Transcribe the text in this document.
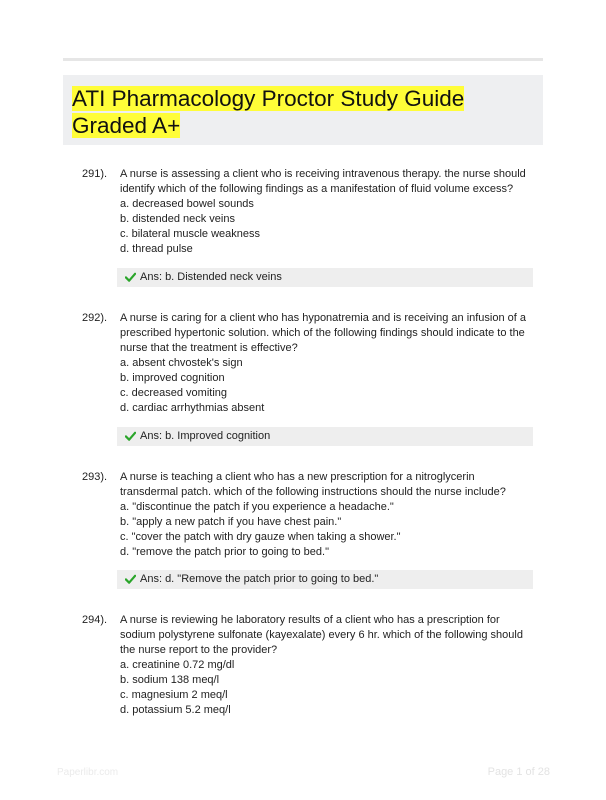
ATI Pharmacology Proctor Study Guide Graded A+
291). A nurse is assessing a client who is receiving intravenous therapy. the nurse should identify which of the following findings as a manifestation of fluid volume excess?

a. decreased bowel sounds

b. distended neck veins

c. bilateral muscle weakness

d. thread pulse

Ans: b. Distended neck veins
292). A nurse is caring for a client who has hyponatremia and is receiving an infusion of a prescribed hypertonic solution. which of the following findings should indicate to the nurse that the treatment is effective?

a. absent chvostek's sign

b. improved cognition

c. decreased vomiting

d. cardiac arrhythmias absent

Ans: b. Improved cognition
293). A nurse is teaching a client who has a new prescription for a nitroglycerin transdermal patch. which of the following instructions should the nurse include?

a. "discontinue the patch if you experience a headache."

b. "apply a new patch if you have chest pain."

c. "cover the patch with dry gauze when taking a shower."

d. "remove the patch prior to going to bed."

Ans: d. "Remove the patch prior to going to bed."
294). A nurse is reviewing he laboratory results of a client who has a prescription for sodium polystyrene sulfonate (kayexalate) every 6 hr. which of the following should the nurse report to the provider?

a. creatinine 0.72 mg/dl

b. sodium 138 meq/l

c. magnesium 2 meq/l

d. potassium 5.2 meq/l

Paperlibr.com	Page 1 of 28
